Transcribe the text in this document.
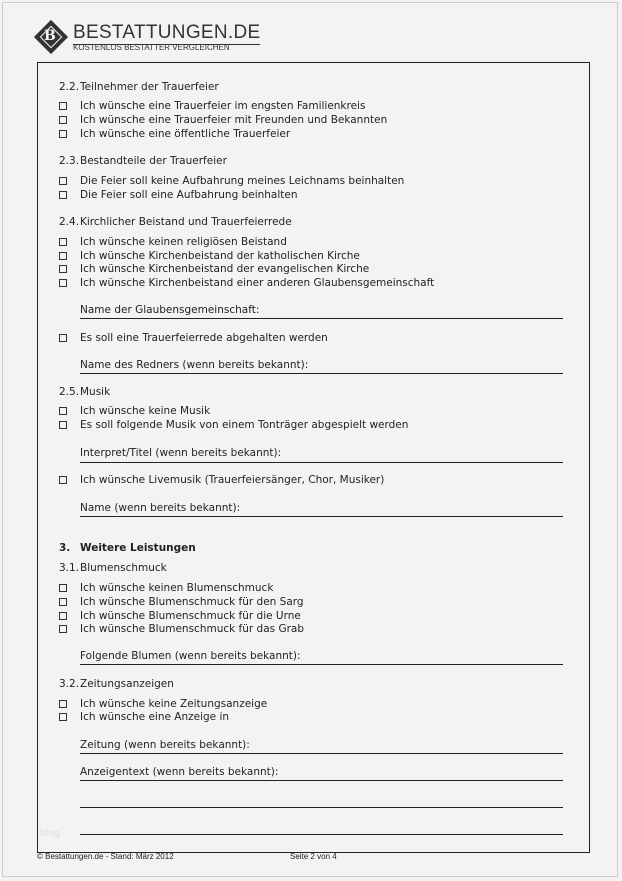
B BESTATTUNGEN.DE
KOSTENLOS BESTATTER VERGLEICHEN
2.2. Teilnehmer der Trauerfeier
Ich wünsche eine Trauerfeier im engsten Familienkreis
Ich wünsche eine Trauerfeier mit Freunden und Bekannten
Ich wünsche eine öffentliche Trauerfeier
2.3. Bestandteile der Trauerfeier
Die Feier soll keine Aufbahrung meines Leichnams beinhalten
Die Feier soll eine Aufbahrung beinhalten
2.4. Kirchlicher Beistand und Trauerfeierrede
Ich wünsche keinen religiösen Beistand
Ich wünsche Kirchenbeistand der katholischen Kirche
Ich wünsche Kirchenbeistand der evangelischen Kirche
Ich wünsche Kirchenbeistand einer anderen Glaubensgemeinschaft
Name der Glaubensgemeinschaft:
Es soll eine Trauerfeierrede abgehalten werden
Name des Redners (wenn bereits bekannt):
2.5. Musik
Ich wünsche keine Musik
Es soll folgende Musik von einem Tonträger abgespielt werden
Interpret/Titel (wenn bereits bekannt):
Ich wünsche Livemusik (Trauerfeiersänger, Chor, Musiker)
Name (wenn bereits bekannt):
3. Weitere Leistungen
3.1. Blumenschmuck
Ich wünsche keinen Blumenschmuck
Ich wünsche Blumenschmuck für den Sarg
Ich wünsche Blumenschmuck für die Urne
Ich wünsche Blumenschmuck für das Grab
Folgende Blumen (wenn bereits bekannt):
3.2. Zeitungsanzeigen
Ich wünsche keine Zeitungsanzeige
Ich wünsche eine Anzeige in
Zeitung (wenn bereits bekannt):
Anzeigentext (wenn bereits bekannt):
blog
© Bestattungen.de - Stand: März 2012	Seite 2 von 4
